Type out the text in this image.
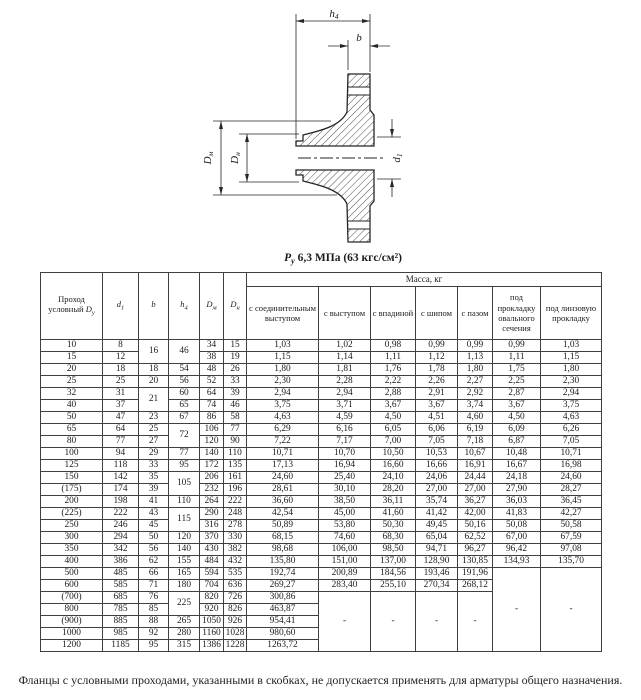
h4
b
Dм
Dн
d1
$P_у$ 6,3 МПа (63 кгс/см²)
Проход условный $D_у$	$d_1$	b	$h_4$	$D_м$	$D_н$	Масса, кг						
						с соединительным выступом	с выступом	с впадиной	с шипом	с пазом	под прокладку овального сечения	под линзовую прокладку
10	8	16	46	34	15	1,03	1,02	0,98	0,99	0,99	0,99	1,03
15	12			38	19	1,15	1,14	1,11	1,12	1,13	1,11	1,15
20	18	18	54	48	26	1,80	1,81	1,76	1,78	1,80	1,75	1,80
25	25	20	56	52	33	2,30	2,28	2,22	2,26	2,27	2,25	2,30
32	31	21	60	64	39	2,94	2,94	2,88	2,91	2,92	2,87	2,94
40	37		65	74	46	3,75	3,71	3,67	3,67	3,74	3,67	3,75
50	47	23	67	86	58	4,63	4,59	4,50	4,51	4,60	4,50	4,63
65	64	25	72	106	77	6,29	6,16	6,05	6,06	6,19	6,09	6,26
80	77	27		120	90	7,22	7,17	7,00	7,05	7,18	6,87	7,05
100	94	29	77	140	110	10,71	10,70	10,50	10,53	10,67	10,48	10,71
125	118	33	95	172	135	17,13	16,94	16,60	16,66	16,91	16,67	16,98
150	142	35	105	206	161	24,60	25,40	24,10	24,06	24,44	24,18	24,60
(175)	174	39		232	196	28,61	30,10	28,20	27,00	27,00	27,90	28,27
200	198	41	110	264	222	36,60	38,50	36,11	35,74	36,27	36,03	36,45
(225)	222	43	115	290	248	42,54	45,00	41,60	41,42	42,00	41,83	42,27
250	246	45		316	278	50,89	53,80	50,30	49,45	50,16	50,08	50,58
300	294	50	120	370	330	68,15	74,60	68,30	65,04	62,52	67,00	67,59
350	342	56	140	430	382	98,68	106,00	98,50	94,71	96,27	96,42	97,08
400	386	62	155	484	432	135,80	151,00	137,00	128,90	130,85	134,93	135,70
500	485	66	165	594	535	192,74	200,89	184,56	193,46	191,96	-	-
600	585	71	180	704	636	269,27	283,40	255,10	270,34	268,12		
(700)	685	76	225	820	726	300,86	-	-	-	-		
800	785	85		920	826	463,87						
(900)	885	88	265	1050	926	954,41						
1000	985	92	280	1160	1028	980,60						
1200	1185	95	315	1386	1228	1263,72						
Фланцы с условными проходами, указанными в скобках, не допускается применять для арматуры общего назначения.
